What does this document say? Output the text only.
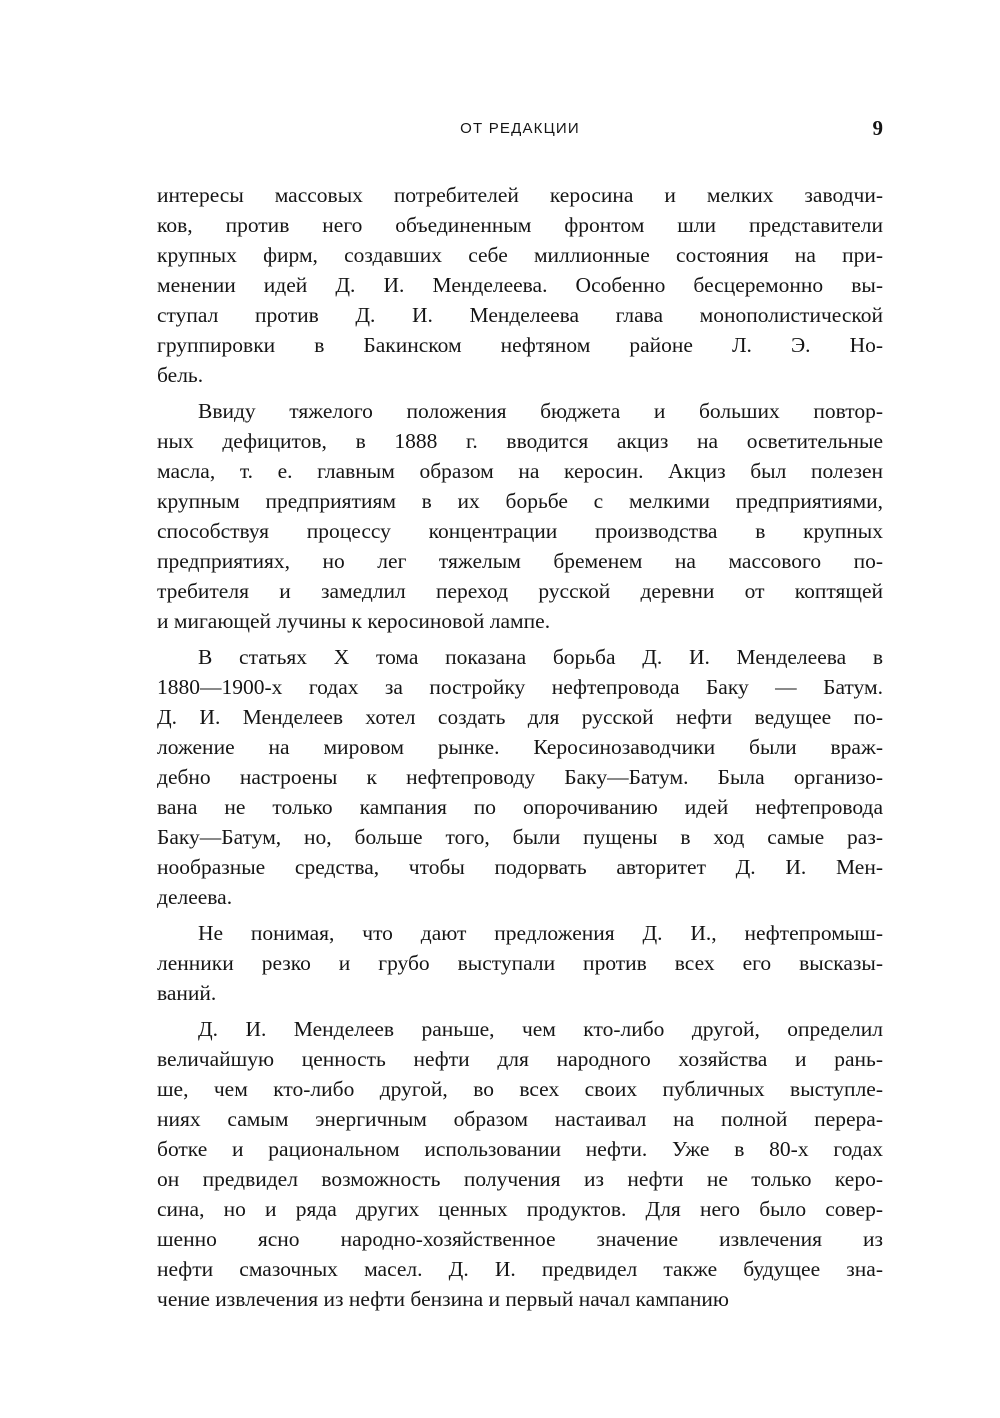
ОТ РЕДАКЦИИ	9
интересы массовых потребителей керосина и мелких заводчи-
ков, против него объединенным фронтом шли представители
крупных фирм, создавших себе миллионные состояния на при-
менении идей Д. И. Менделеева. Особенно бесцеремонно вы-
ступал против Д. И. Менделеева глава монополистической
группировки в Бакинском нефтяном районе Л. Э. Но-
бель.
Ввиду тяжелого положения бюджета и больших повтор-
ных дефицитов, в 1888 г. вводится акциз на осветительные
масла, т. е. главным образом на керосин. Акциз был полезен
крупным предприятиям в их борьбе с мелкими предприятиями,
способствуя процессу концентрации производства в крупных
предприятиях, но лег тяжелым бременем на массового по-
требителя и замедлил переход русской деревни от коптящей
и мигающей лучины к керосиновой лампе.
В статьях X тома показана борьба Д. И. Менделеева в
1880—1900-х годах за постройку нефтепровода Баку — Батум.
Д. И. Менделеев хотел создать для русской нефти ведущее по-
ложение на мировом рынке. Керосинозаводчики были враж-
дебно настроены к нефтепроводу Баку—Батум. Была организо-
вана не только кампания по опорочиванию идей нефтепровода
Баку—Батум, но, больше того, были пущены в ход самые раз-
нообразные средства, чтобы подорвать авторитет Д. И. Мен-
делеева.
Не понимая, что дают предложения Д. И., нефтепромыш-
ленники резко и грубо выступали против всех его высказы-
ваний.
Д. И. Менделеев раньше, чем кто-либо другой, определил
величайшую ценность нефти для народного хозяйства и рань-
ше, чем кто-либо другой, во всех своих публичных выступле-
ниях самым энергичным образом настаивал на полной перера-
ботке и рациональном использовании нефти. Уже в 80-х годах
он предвидел возможность получения из нефти не только керо-
сина, но и ряда других ценных продуктов. Для него было совер-
шенно ясно народно-хозяйственное значение извлечения из
нефти смазочных масел. Д. И. предвидел также будущее зна-
чение извлечения из нефти бензина и первый начал кампанию
